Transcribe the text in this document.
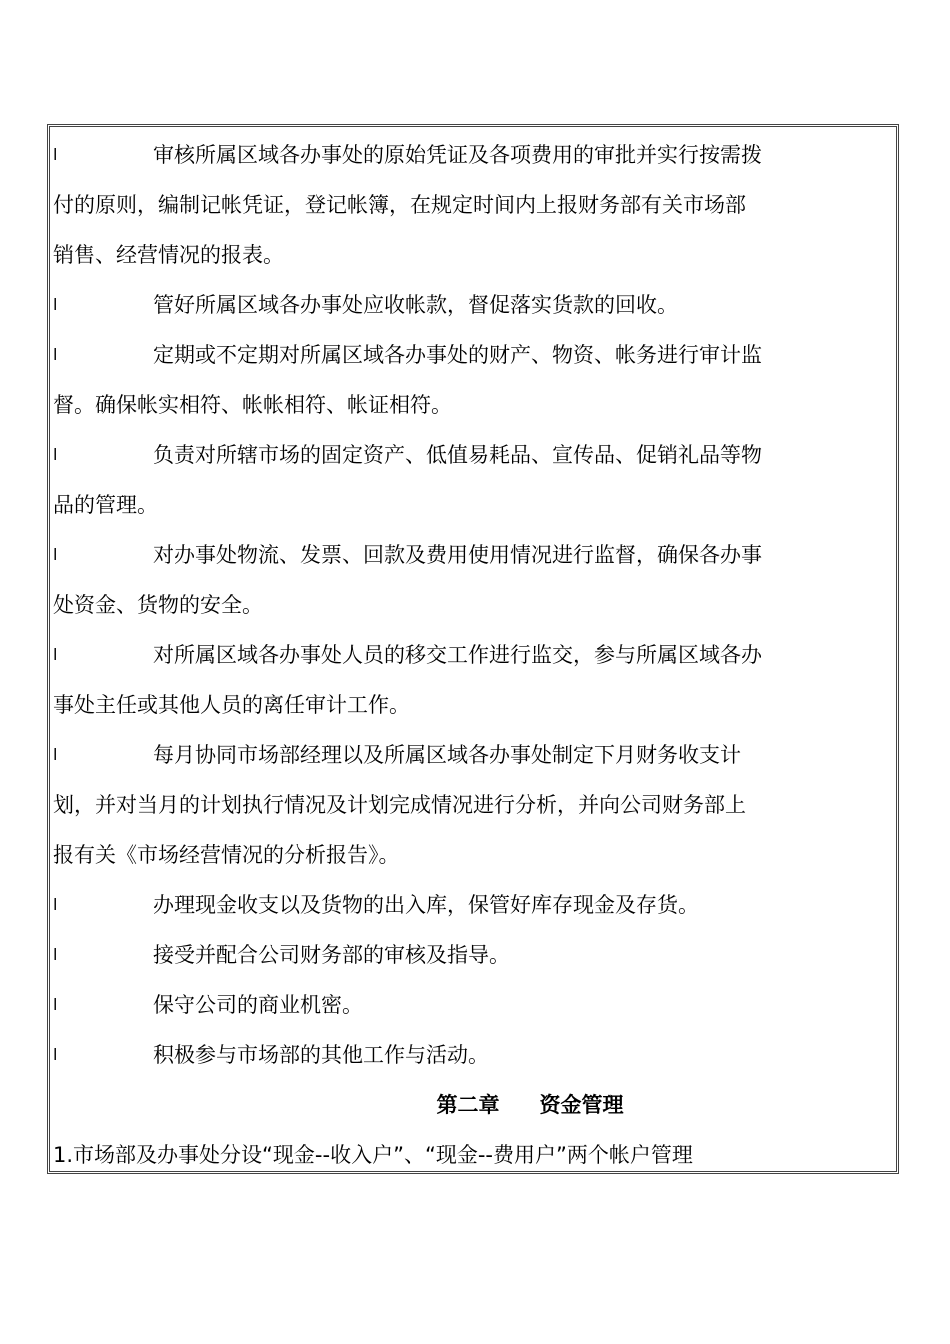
l	审核所属区域各办事处的原始凭证及各项费用的审批并实行按需拨
付的原则，编制记帐凭证，登记帐簿，在规定时间内上报财务部有关市场部
销售、经营情况的报表。
l	管好所属区域各办事处应收帐款，督促落实货款的回收。
l	定期或不定期对所属区域各办事处的财产、物资、帐务进行审计监
督。确保帐实相符、帐帐相符、帐证相符。
l	负责对所辖市场的固定资产、低值易耗品、宣传品、促销礼品等物
品的管理。
l	对办事处物流、发票、回款及费用使用情况进行监督，确保各办事
处资金、货物的安全。
l	对所属区域各办事处人员的移交工作进行监交，参与所属区域各办
事处主任或其他人员的离任审计工作。
l	每月协同市场部经理以及所属区域各办事处制定下月财务收支计
划，并对当月的计划执行情况及计划完成情况进行分析，并向公司财务部上
报有关《市场经营情况的分析报告》。
l	办理现金收支以及货物的出入库，保管好库存现金及存货。
l	接受并配合公司财务部的审核及指导。
l	保守公司的商业机密。
l	积极参与市场部的其他工作与活动。
第二章 资金管理
1.市场部及办事处分设“现金--收入户”、“现金--费用户”两个帐户管理
